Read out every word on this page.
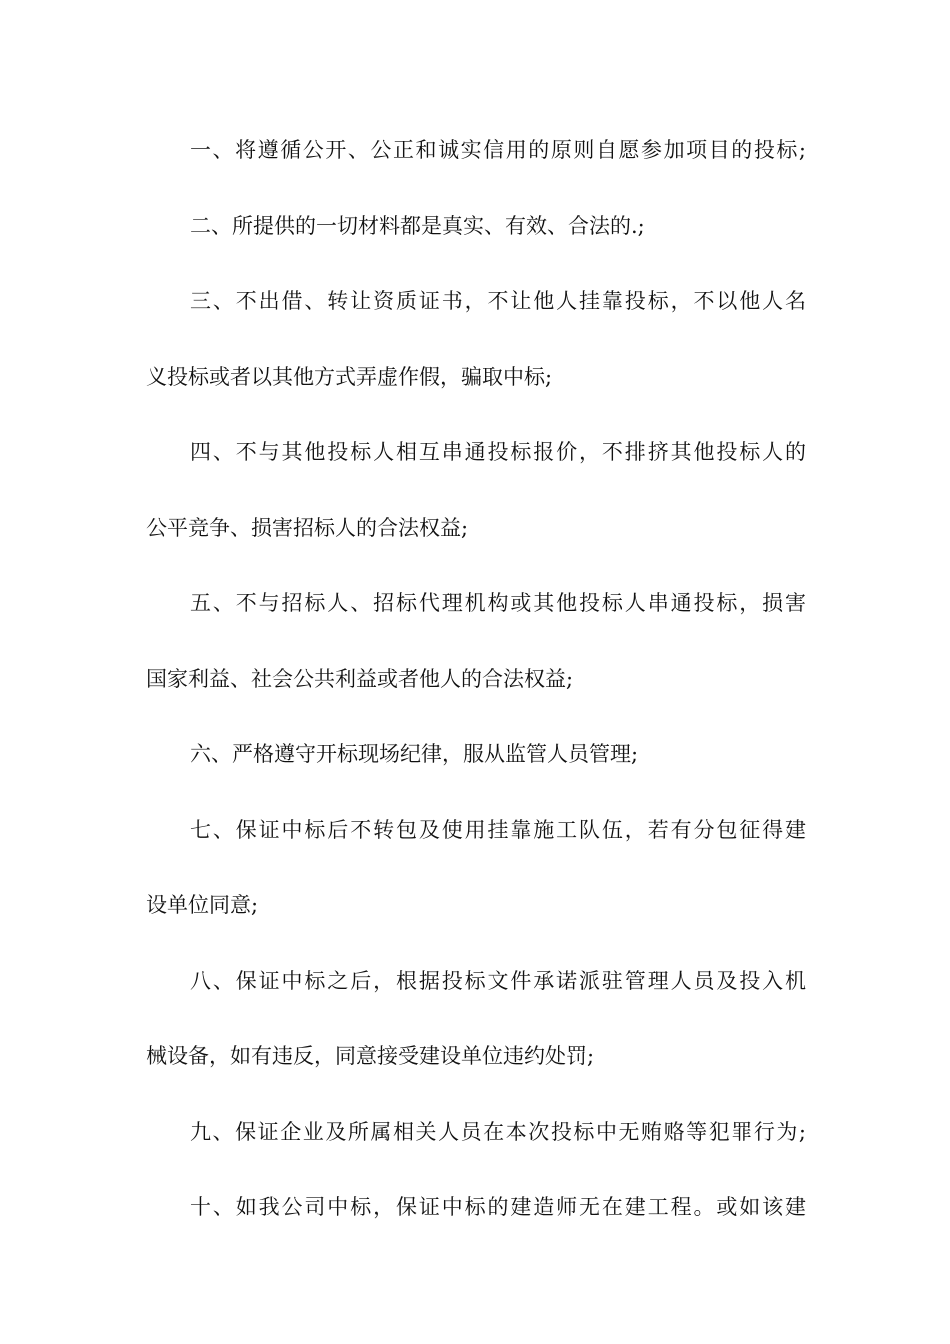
一、将遵循公开、公正和诚实信用的原则自愿参加项目的投标;
二、所提供的一切材料都是真实、有效、合法的.;
三、不出借、转让资质证书，不让他人挂靠投标，不以他人名
义投标或者以其他方式弄虚作假，骗取中标;
四、不与其他投标人相互串通投标报价，不排挤其他投标人的
公平竞争、损害招标人的合法权益;
五、不与招标人、招标代理机构或其他投标人串通投标，损害
国家利益、社会公共利益或者他人的合法权益;
六、严格遵守开标现场纪律，服从监管人员管理;
七、保证中标后不转包及使用挂靠施工队伍，若有分包征得建
设单位同意;
八、保证中标之后，根据投标文件承诺派驻管理人员及投入机
械设备，如有违反，同意接受建设单位违约处罚;
九、保证企业及所属相关人员在本次投标中无贿赂等犯罪行为;
十、如我公司中标，保证中标的建造师无在建工程。或如该建
